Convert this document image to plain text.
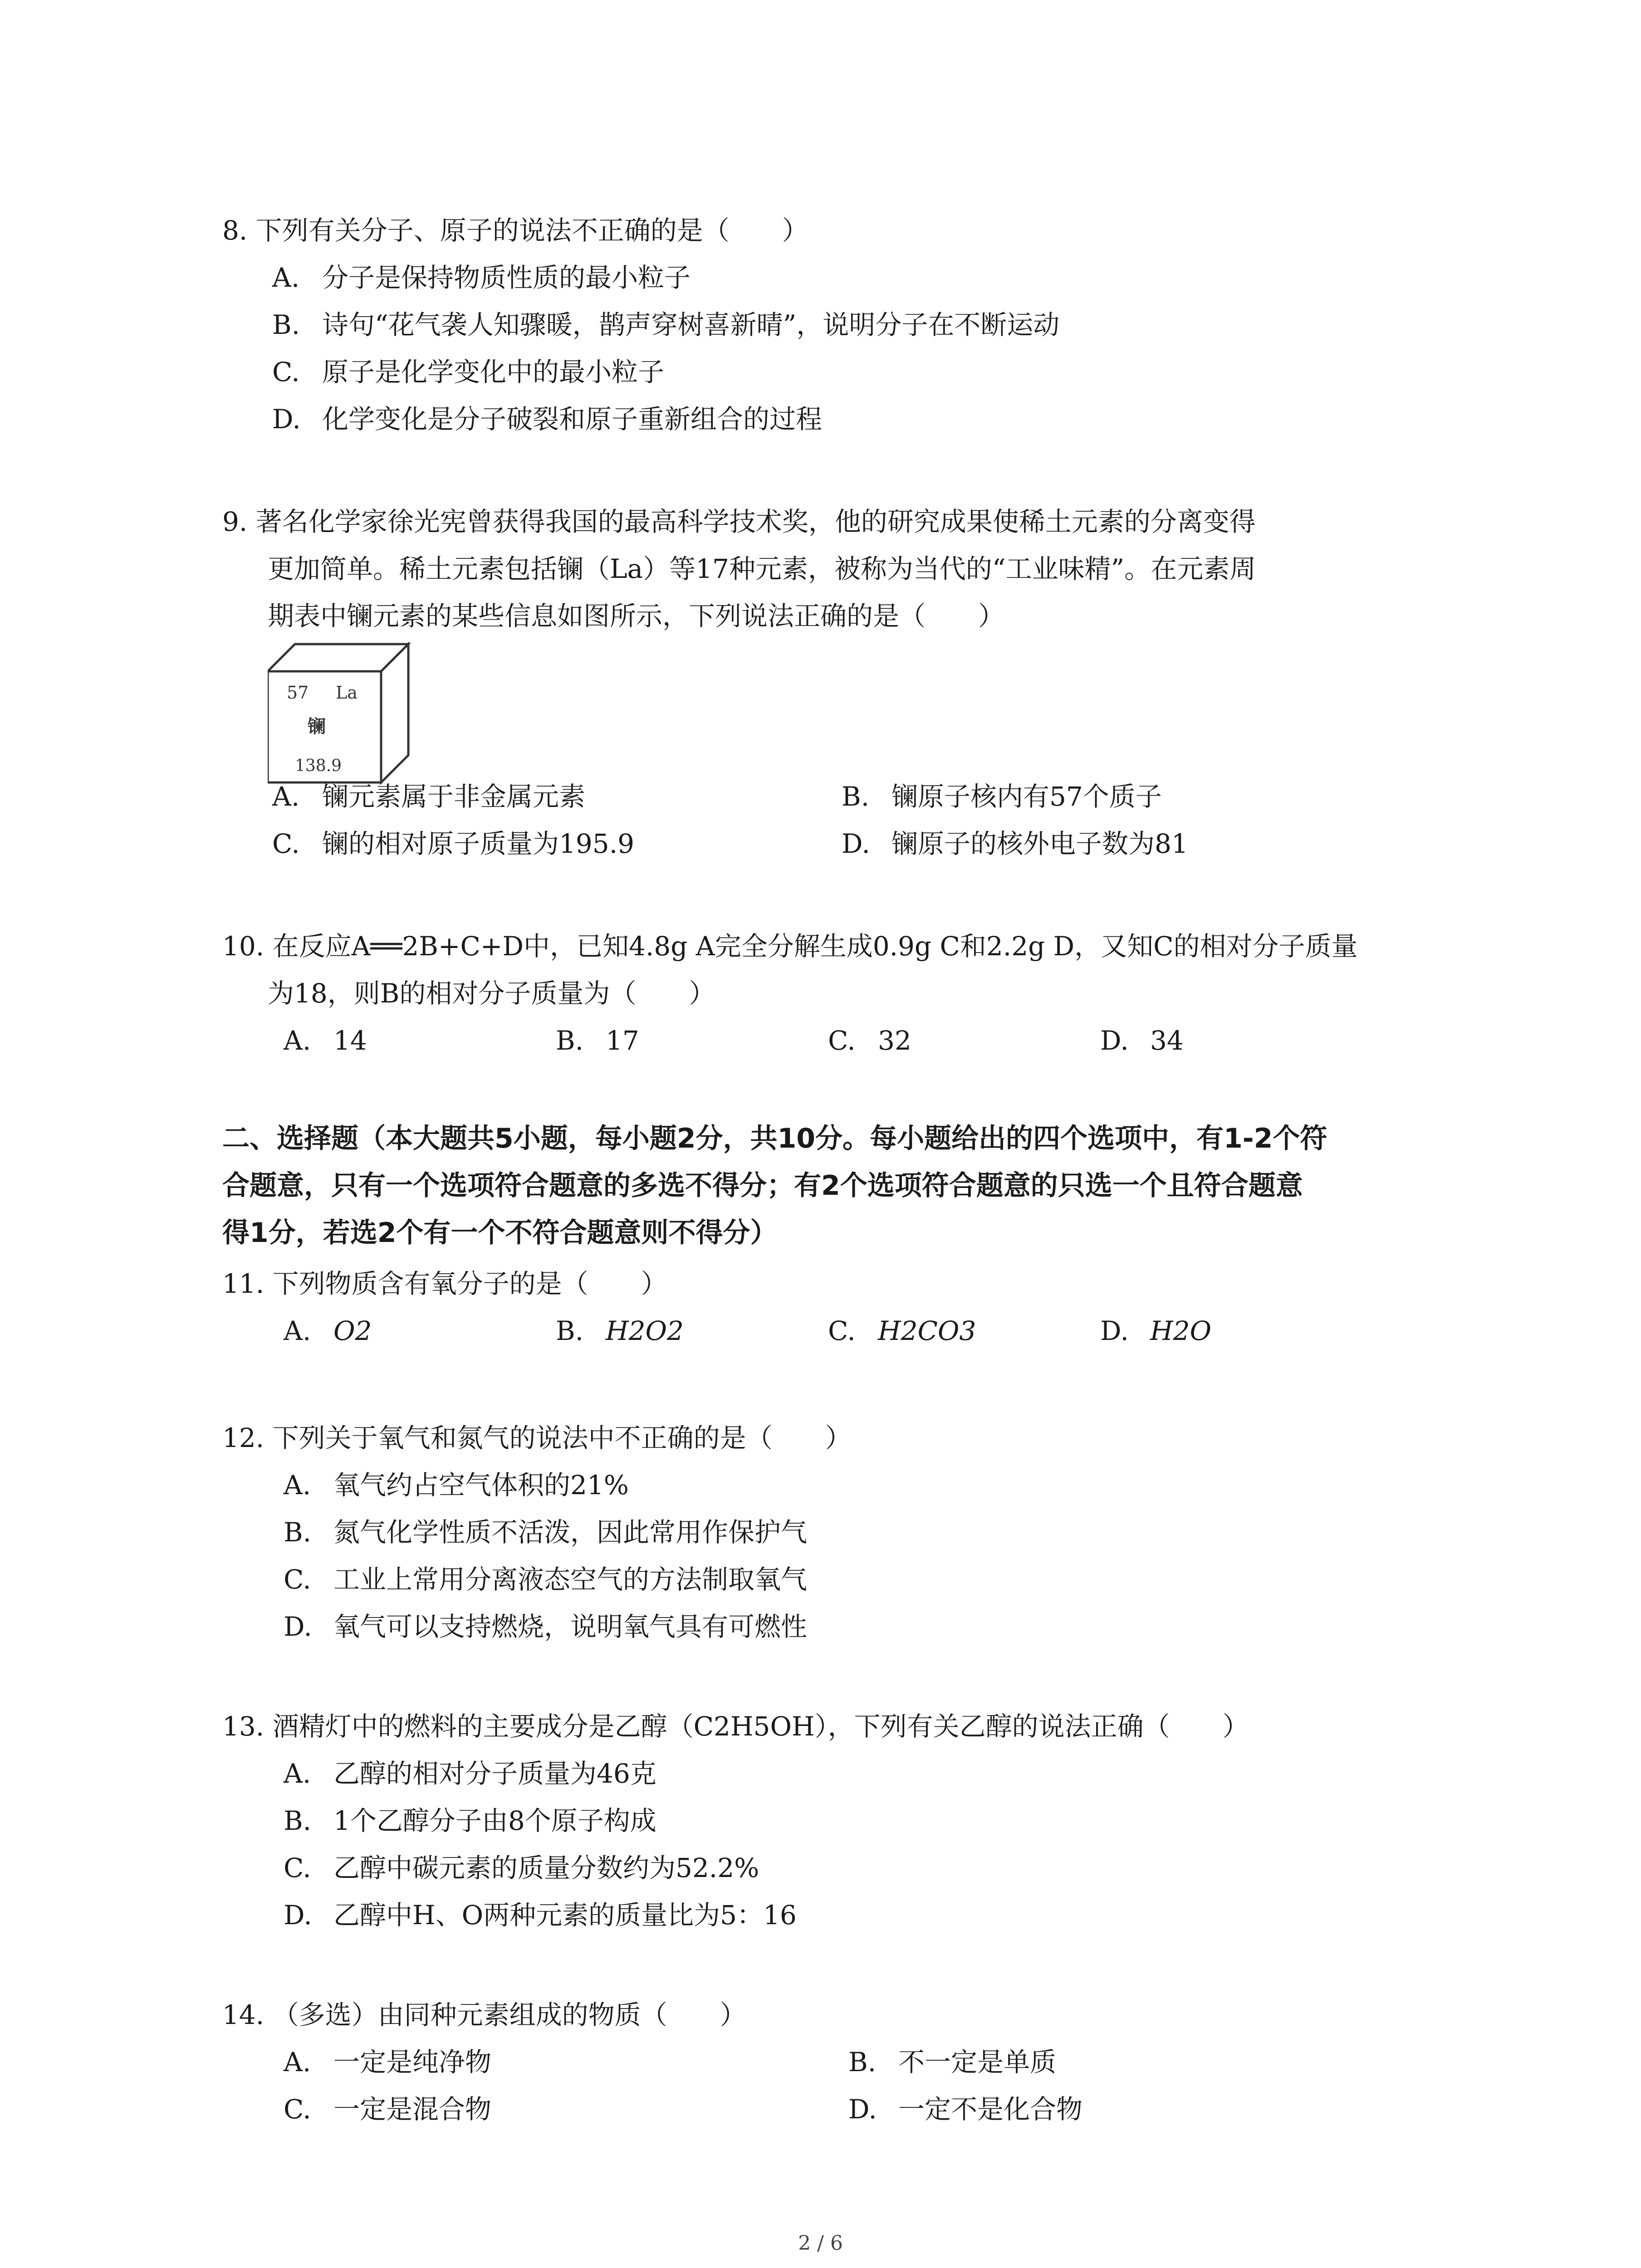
8. 下列有关分子、原子的说法不正确的是（　　）
A. 分子是保持物质性质的最小粒子
B. 诗句“花气袭人知骤暖，鹊声穿树喜新晴”，说明分子在不断运动
C. 原子是化学变化中的最小粒子
D. 化学变化是分子破裂和原子重新组合的过程
9. 著名化学家徐光宪曾获得我国的最高科学技术奖，他的研究成果使稀土元素的分离变得
更加简单。稀土元素包括镧（La）等17种元素，被称为当代的“工业味精”。在元素周
期表中镧元素的某些信息如图所示，下列说法正确的是（　　）
57 La
镧
138.9
A. 镧元素属于非金属元素	B. 镧原子核内有57个质子
C. 镧的相对原子质量为195.9	D. 镧原子的核外电子数为81
10. 在反应A══2B+C+D中，已知4.8g A完全分解生成0.9g C和2.2g D，又知C的相对分子质量
为18，则B的相对分子质量为（　　）
A. 14	B. 17	C. 32	D. 34
二、选择题（本大题共5小题，每小题2分，共10分。每小题给出的四个选项中，有1-2个符
合题意，只有一个选项符合题意的多选不得分；有2个选项符合题意的只选一个且符合题意
得1分，若选2个有一个不符合题意则不得分）
11. 下列物质含有氧分子的是（　　）
A. O2	B. H2O2	C. H2CO3	D. H2O
12. 下列关于氧气和氮气的说法中不正确的是（　　）
A. 氧气约占空气体积的21%
B. 氮气化学性质不活泼，因此常用作保护气
C. 工业上常用分离液态空气的方法制取氧气
D. 氧气可以支持燃烧，说明氧气具有可燃性
13. 酒精灯中的燃料的主要成分是乙醇（C2H5OH），下列有关乙醇的说法正确（　　）
A. 乙醇的相对分子质量为46克
B. 1个乙醇分子由8个原子构成
C. 乙醇中碳元素的质量分数约为52.2%
D. 乙醇中H、O两种元素的质量比为5：16
14. （多选）由同种元素组成的物质（　　）
A. 一定是纯净物	B. 不一定是单质
C. 一定是混合物	D. 一定不是化合物
2 / 6
